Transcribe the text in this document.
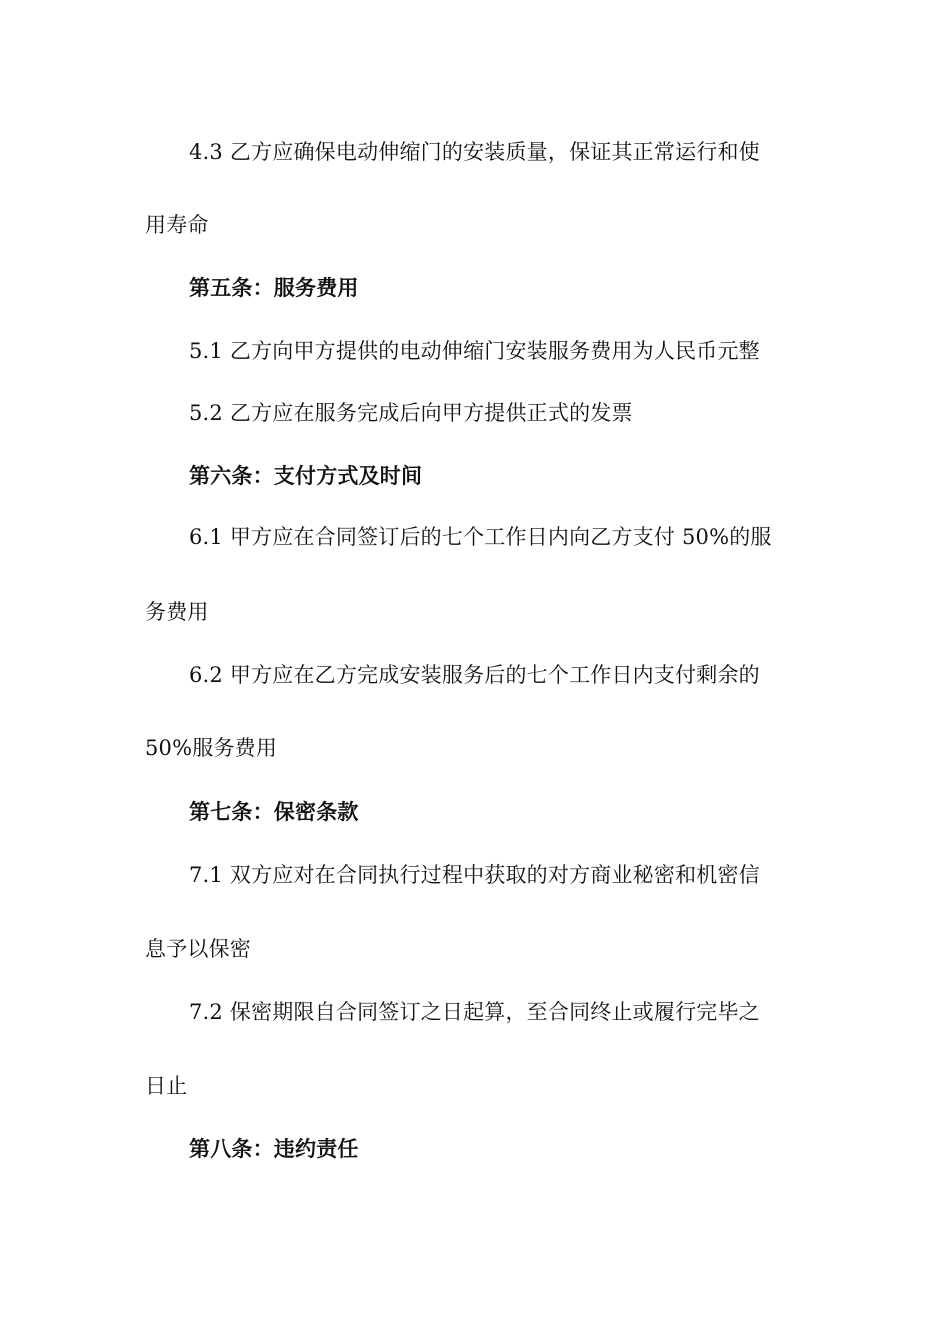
4.3 乙方应确保电动伸缩门的安装质量，保证其正常运行和使
用寿命
第五条：服务费用
5.1 乙方向甲方提供的电动伸缩门安装服务费用为人民币元整
5.2 乙方应在服务完成后向甲方提供正式的发票
第六条：支付方式及时间
6.1 甲方应在合同签订后的七个工作日内向乙方支付 50%的服
务费用
6.2 甲方应在乙方完成安装服务后的七个工作日内支付剩余的
50%服务费用
第七条：保密条款
7.1 双方应对在合同执行过程中获取的对方商业秘密和机密信
息予以保密
7.2 保密期限自合同签订之日起算，至合同终止或履行完毕之
日止
第八条：违约责任
